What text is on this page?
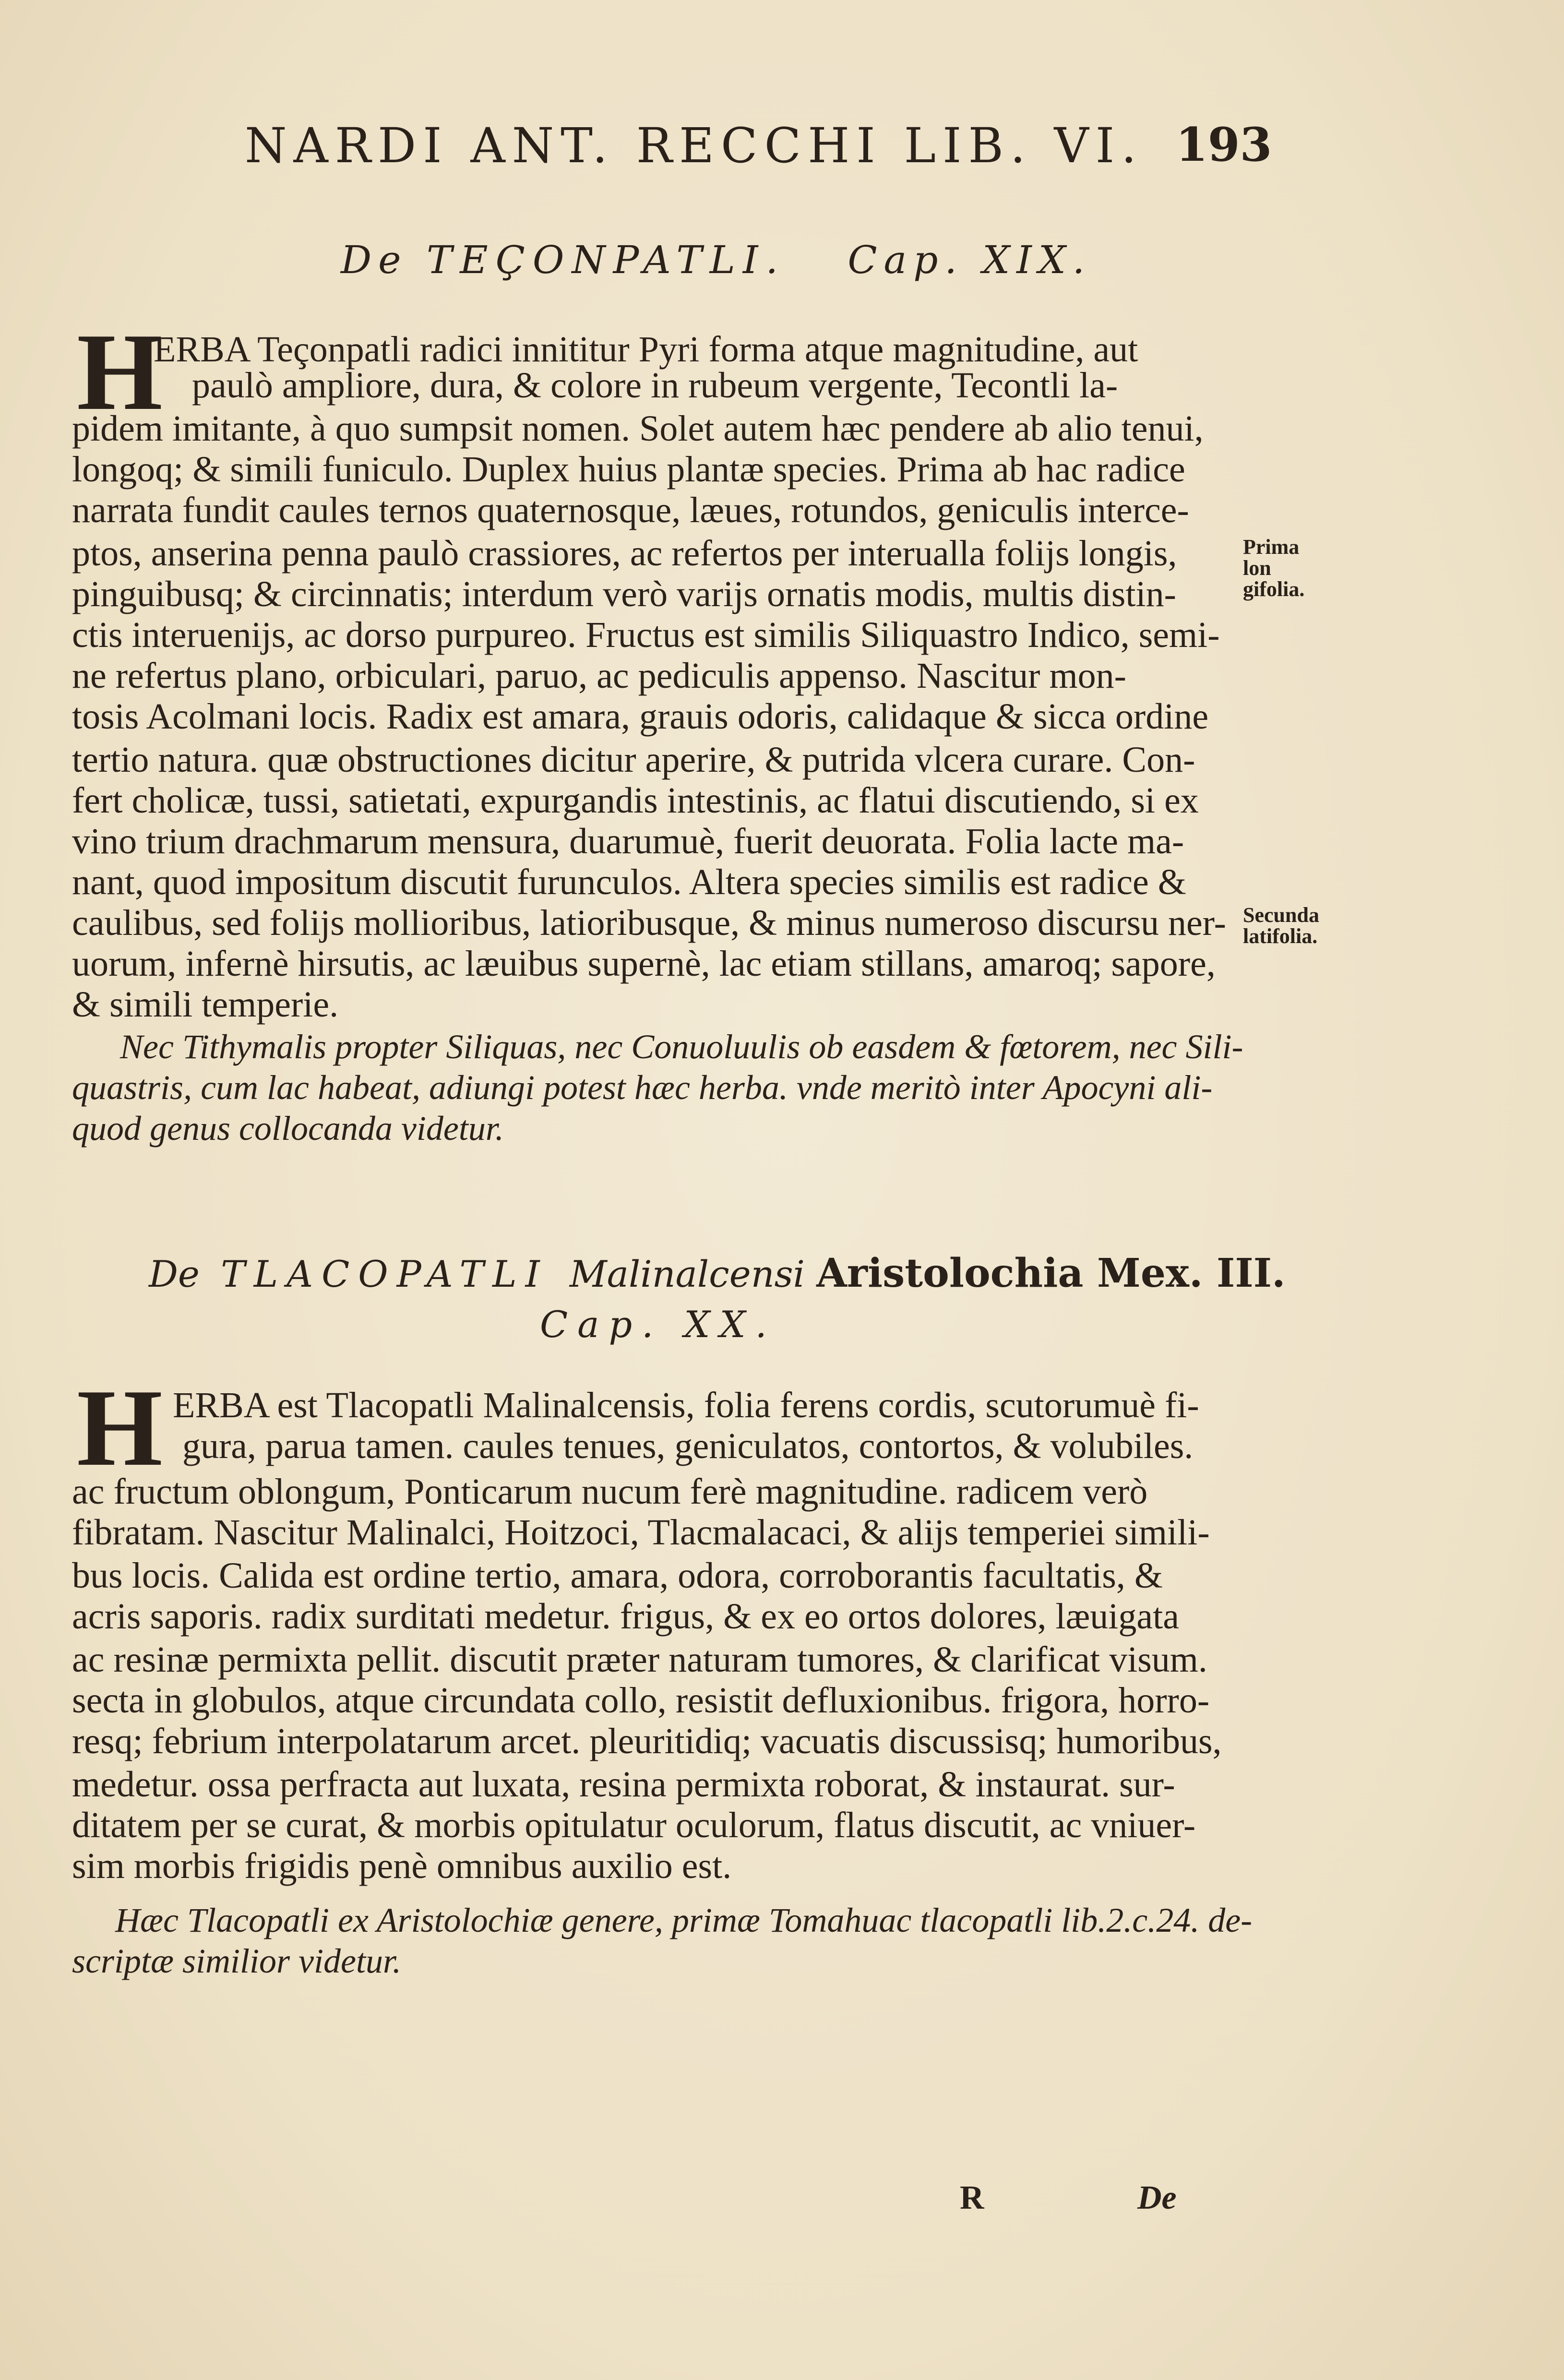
NARDI ANT. RECCHI LIB. VI. 193
De TEÇONPATLI. Cap. XIX.
H
ERBA Teçonpatli radici innititur Pyri forma atque magnitudine, aut
paulò ampliore, dura, & colore in rubeum vergente, Tecontli la-
pidem imitante, à quo sumpsit nomen. Solet autem hæc pendere ab alio tenui,
longoq; & simili funiculo. Duplex huius plantæ species. Prima ab hac radice
narrata fundit caules ternos quaternosque, læues, rotundos, geniculis interce-
ptos, anserina penna paulò crassiores, ac refertos per interualla folijs longis,
pinguibusq; & circinnatis; interdum verò varijs ornatis modis, multis distin-
ctis interuenijs, ac dorso purpureo. Fructus est similis Siliquastro Indico, semi-
ne refertus plano, orbiculari, paruo, ac pediculis appenso. Nascitur mon-
tosis Acolmani locis. Radix est amara, grauis odoris, calidaque & sicca ordine
tertio natura. quæ obstructiones dicitur aperire, & putrida vlcera curare. Con-
fert cholicæ, tussi, satietati, expurgandis intestinis, ac flatui discutiendo, si ex
vino trium drachmarum mensura, duarumuè, fuerit deuorata. Folia lacte ma-
nant, quod impositum discutit furunculos. Altera species similis est radice &
caulibus, sed folijs mollioribus, latioribusque, & minus numeroso discursu ner-
uorum, infernè hirsutis, ac læuibus supernè, lac etiam stillans, amaroq; sapore,
& simili temperie.
Nec Tithymalis propter Siliquas, nec Conuoluulis ob easdem & fœtorem, nec Sili-
quastris, cum lac habeat, adiungi potest hæc herba. vnde meritò inter Apocyni ali-
quod genus collocanda videtur.
Prima lon gifolia.
Secunda latifolia.
De TLACOPATLI Malinalcensi Aristolochia Mex. III.
Cap. XX.
H ERBA est Tlacopatli Malinalcensis, folia ferens cordis, scutorumuè fi-
gura, parua tamen. caules tenues, geniculatos, contortos, & volubiles.
ac fructum oblongum, Ponticarum nucum ferè magnitudine. radicem verò
fibratam. Nascitur Malinalci, Hoitzoci, Tlacmalacaci, & alijs temperiei simili-
bus locis. Calida est ordine tertio, amara, odora, corroborantis facultatis, &
acris saporis. radix surditati medetur. frigus, & ex eo ortos dolores, læuigata
ac resinæ permixta pellit. discutit præter naturam tumores, & clarificat visum.
secta in globulos, atque circundata collo, resistit defluxionibus. frigora, horro-
resq; febrium interpolatarum arcet. pleuritidiq; vacuatis discussisq; humoribus,
medetur. ossa perfracta aut luxata, resina permixta roborat, & instaurat. sur-
ditatem per se curat, & morbis opitulatur oculorum, flatus discutit, ac vniuer-
sim morbis frigidis penè omnibus auxilio est.
Hæc Tlacopatli ex Aristolochiæ genere, primæ Tomahuac tlacopatli lib.2.c.24. de-
scriptæ similior videtur.
R	De
